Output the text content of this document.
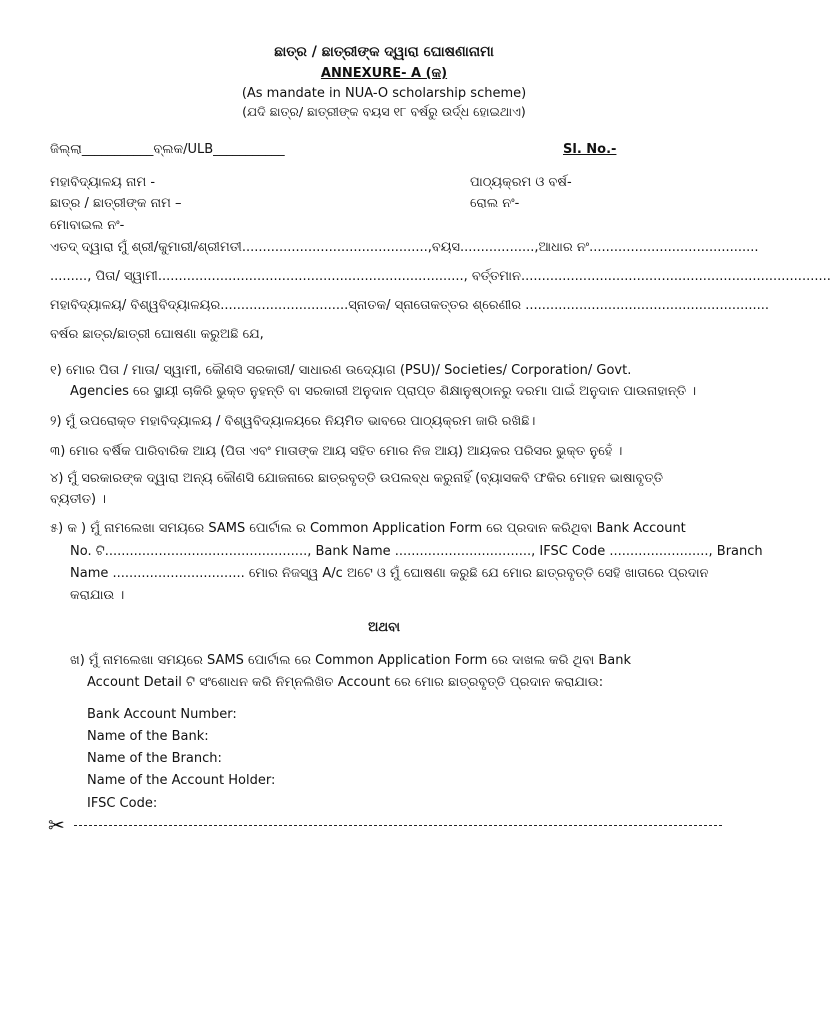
ଛାତ୍ର / ଛାତ୍ରୀଙ୍କ ଦ୍ୱାରା ଘୋଷଣାନାମା
ANNEXURE- A (କ)
(As mandate in NUA-O scholarship scheme)
(ଯଦି ଛାତ୍ର/ ଛାତ୍ରୀଙ୍କ ବୟସ ୧୮ ବର୍ଷରୁ ଉର୍ଦ୍ଧ ହୋଇଥାଏ)
ଜିଲ୍ଲା___________ବ୍ଲକ/ULB___________	Sl. No.-
ମହାବିଦ୍ୟାଳୟ ନାମ -	ପାଠ୍ୟକ୍ରମ ଓ ବର୍ଷ-
ଛାତ୍ର / ଛାତ୍ରୀଙ୍କ ନାମ –	ରୋଲ ନଂ-
ମୋବାଇଲ ନଂ-
ଏତଦ୍ ଦ୍ୱାରା ମୁଁ ଶ୍ରୀ/କୁମାରୀ/ଶ୍ରୀମତୀ.............................................,ବୟସ..................,ଆଧାର ନଂ.........................................
........., ପିତା/ ସ୍ୱାମୀ.........................................................................., ବର୍ତ୍ତମାନ...........................................................................
ମହାବିଦ୍ୟାଳୟ/ ବିଶ୍ୱବିଦ୍ୟାଳୟର...............................ସ୍ନାତକ/ ସ୍ନାତୋକତ୍ତର ଶ୍ରେଣୀର ...........................................................
ବର୍ଷର ଛାତ୍ର/ଛାତ୍ରୀ ଘୋଷଣା କରୁଅଛି ଯେ,
୧) ମୋର ପିତା / ମାତା/ ସ୍ୱାମୀ, କୌଣସି ସରକାରୀ/ ସାଧାରଣ ଉଦ୍ୟୋଗ (PSU)/ Societies/ Corporation/ Govt.
Agencies ରେ ସ୍ଥାୟୀ ଚାକିରି ଭୁକ୍ତ ନୁହନ୍ତି ବା ସରକାରୀ ଅନୁଦାନ ପ୍ରାପ୍ତ ଶିକ୍ଷାନୁଷ୍ଠାନରୁ ଦରମା ପାଇଁ ଅନୁଦାନ ପାଉନାହାନ୍ତି ।
୨) ମୁଁ ଉପରୋକ୍ତ ମହାବିଦ୍ୟାଳୟ / ବିଶ୍ୱବିଦ୍ୟାଳୟରେ ନିୟମିତ ଭାବରେ ପାଠ୍ୟକ୍ରମ ଜାରି ରଖିଛି।
୩) ମୋର ବର୍ଷିକ ପାରିବାରିକ ଆୟ (ପିତା ଏବଂ ମାତାଙ୍କ ଆୟ ସହିତ ମୋର ନିଜ ଆୟ) ଆୟକର ପରିସର ଭୁକ୍ତ ନୁହେଁ ।
୪) ମୁଁ ସରକାରଙ୍କ ଦ୍ୱାରା ଅନ୍ୟ କୌଣସି ଯୋଜନାରେ ଛାତ୍ରବୃତ୍ତି ଉପଲବ୍ଧ କରୁନାହିଁ (ବ୍ୟାସକବି ଫକିର ମୋହନ ଭାଷାବୃତ୍ତି
ବ୍ୟତୀତ) ।
୫) କ ) ମୁଁ ନାମଲେଖା ସମୟରେ SAMS ପୋର୍ଟାଲ ର Common Application Form ରେ ପ୍ରଦାନ କରିଥିବା Bank Account
No. ଟି................................................., Bank Name ................................., IFSC Code ........................, Branch
Name ................................ ମୋର ନିଜସ୍ୱ A/c ଅଟେ ଓ ମୁଁ ଘୋଷଣା କରୁଛି ଯେ ମୋର ଛାତ୍ରବୃତ୍ତି ସେହି ଖାତାରେ ପ୍ରଦାନ
କରାଯାଉ ।
ଅଥବା
ଖ) ମୁଁ ନାମଲେଖା ସମୟରେ SAMS ପୋର୍ଟାଲ ରେ Common Application Form ରେ ଦାଖଲ କରି ଥିବା Bank
Account Detail ଟି ସଂଶୋଧନ କରି ନିମ୍ନଲିଖିତ Account ରେ ମୋର ଛାତ୍ରବୃତ୍ତି ପ୍ରଦାନ କରାଯାଉ:
Bank Account Number:
Name of the Bank:
Name of the Branch:
Name of the Account Holder:
IFSC Code:
✂
